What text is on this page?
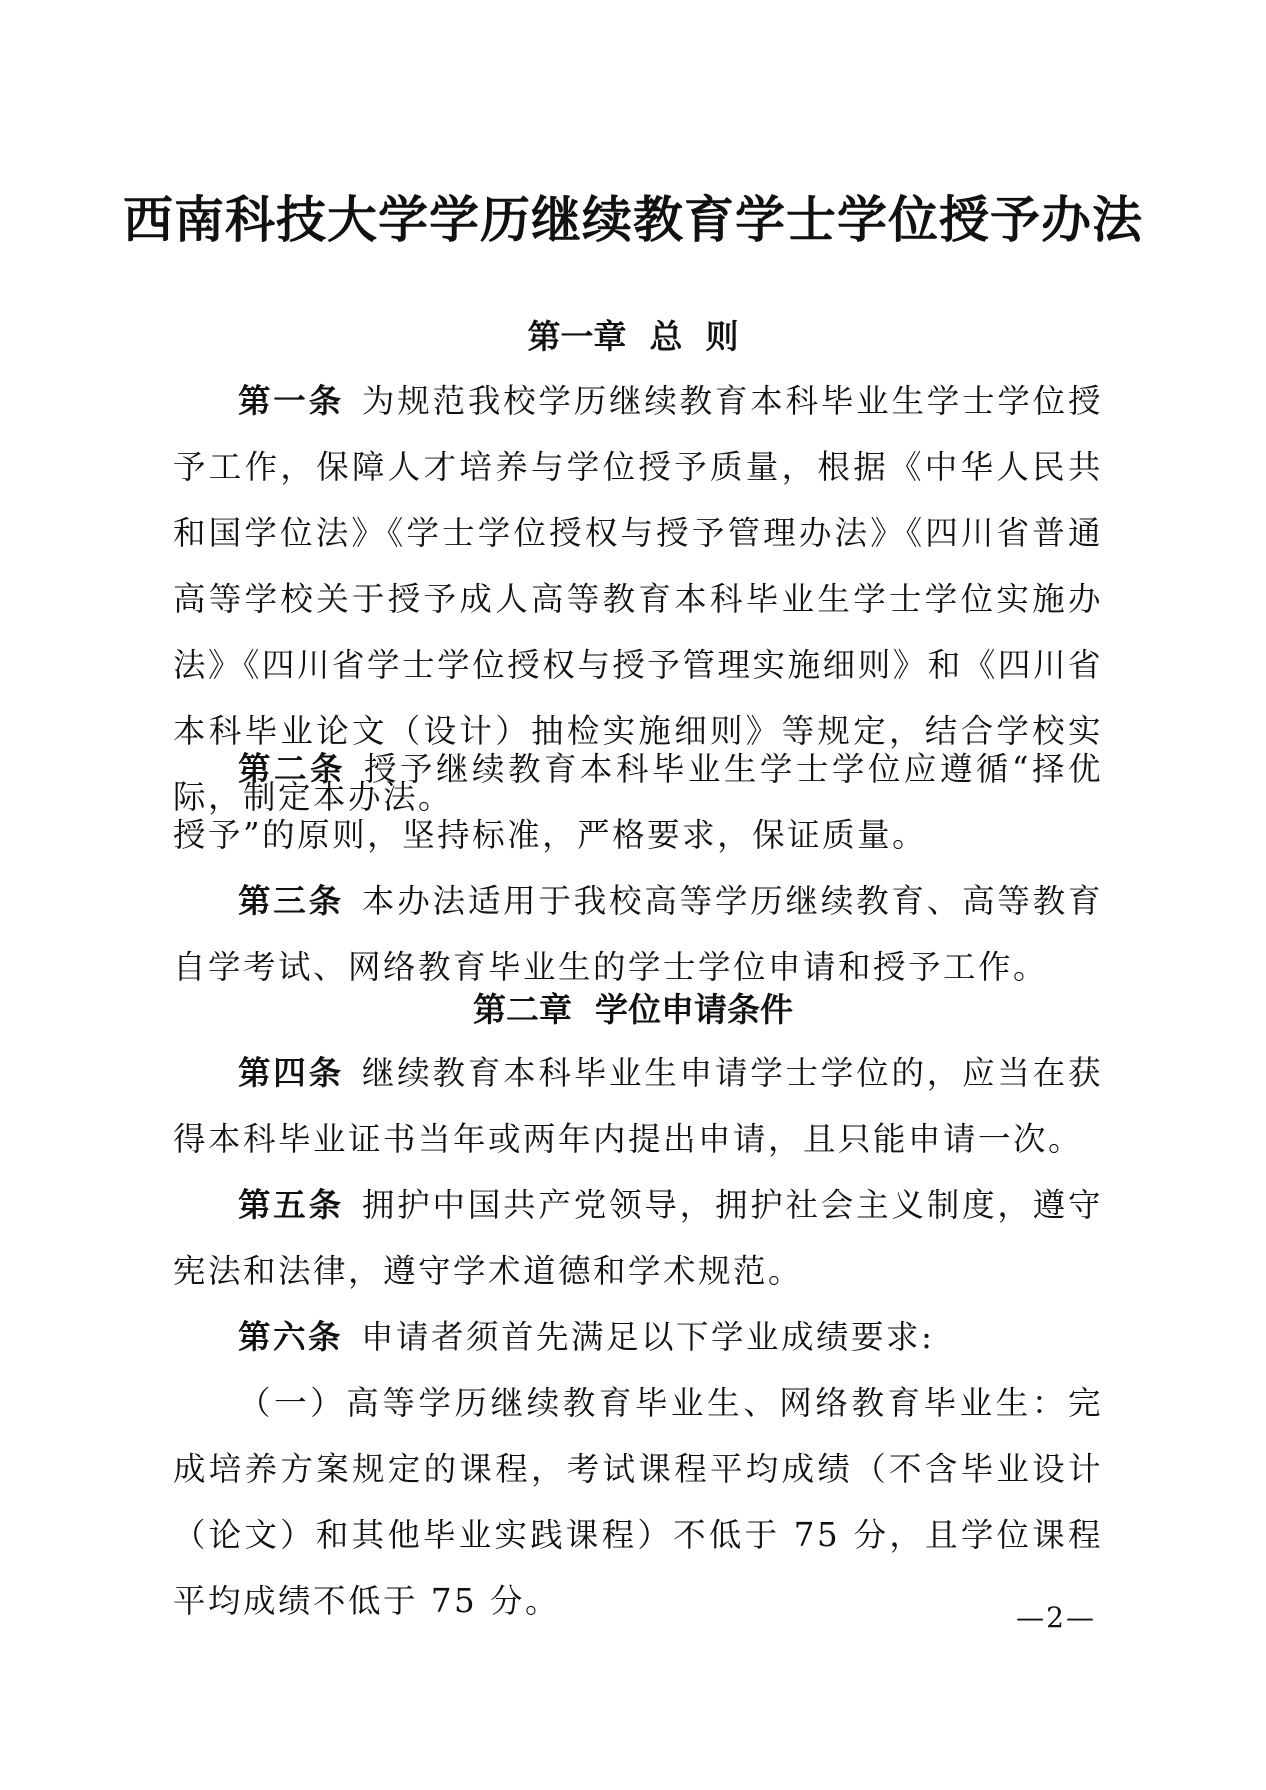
西南科技大学学历继续教育学士学位授予办法
第一章  总  则

第一条 为规范我校学历继续教育本科毕业生学士学位授予工作，保障人才培养与学位授予质量，根据《中华人民共和国学位法》《学士学位授权与授予管理办法》《四川省普通高等学校关于授予成人高等教育本科毕业生学士学位实施办法》《四川省学士学位授权与授予管理实施细则》和《四川省本科毕业论文（设计）抽检实施细则》等规定，结合学校实际，制定本办法。

第二条 授予继续教育本科毕业生学士学位应遵循“择优授予”的原则，坚持标准，严格要求，保证质量。

第三条 本办法适用于我校高等学历继续教育、高等教育自学考试、网络教育毕业生的学士学位申请和授予工作。

第二章  学位申请条件

第四条 继续教育本科毕业生申请学士学位的，应当在获得本科毕业证书当年或两年内提出申请，且只能申请一次。

第五条 拥护中国共产党领导，拥护社会主义制度，遵守宪法和法律，遵守学术道德和学术规范。

第六条 申请者须首先满足以下学业成绩要求:

（一）高等学历继续教育毕业生、网络教育毕业生：完成培养方案规定的课程，考试课程平均成绩（不含毕业设计（论文）和其他毕业实践课程）不低于 75 分，且学位课程平均成绩不低于 75 分。	—2—
